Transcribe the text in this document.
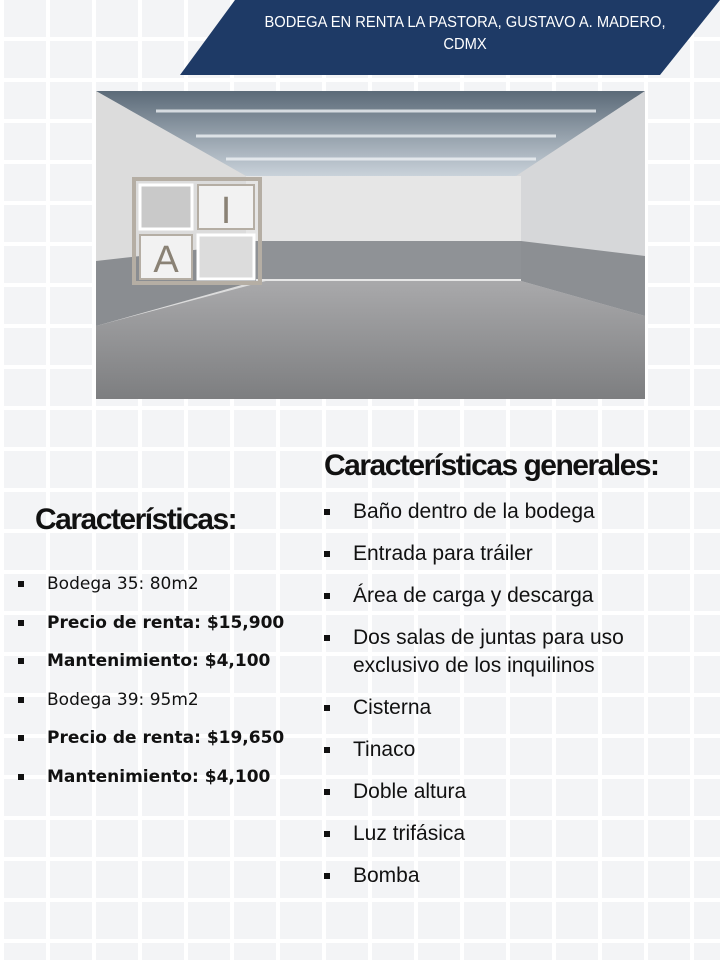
BODEGA EN RENTA LA PASTORA, GUSTAVO A. MADERO, CDMX
I
A
Características:
Bodega 35: 80m2
Precio de renta: $15,900
Mantenimiento: $4,100
Bodega 39: 95m2
Precio de renta: $19,650
Mantenimiento: $4,100
Características generales:
Baño dentro de la bodega
Entrada para tráiler
Área de carga y descarga
Dos salas de juntas para uso exclusivo de los inquilinos
Cisterna
Tinaco
Doble altura
Luz trifásica
Bomba
